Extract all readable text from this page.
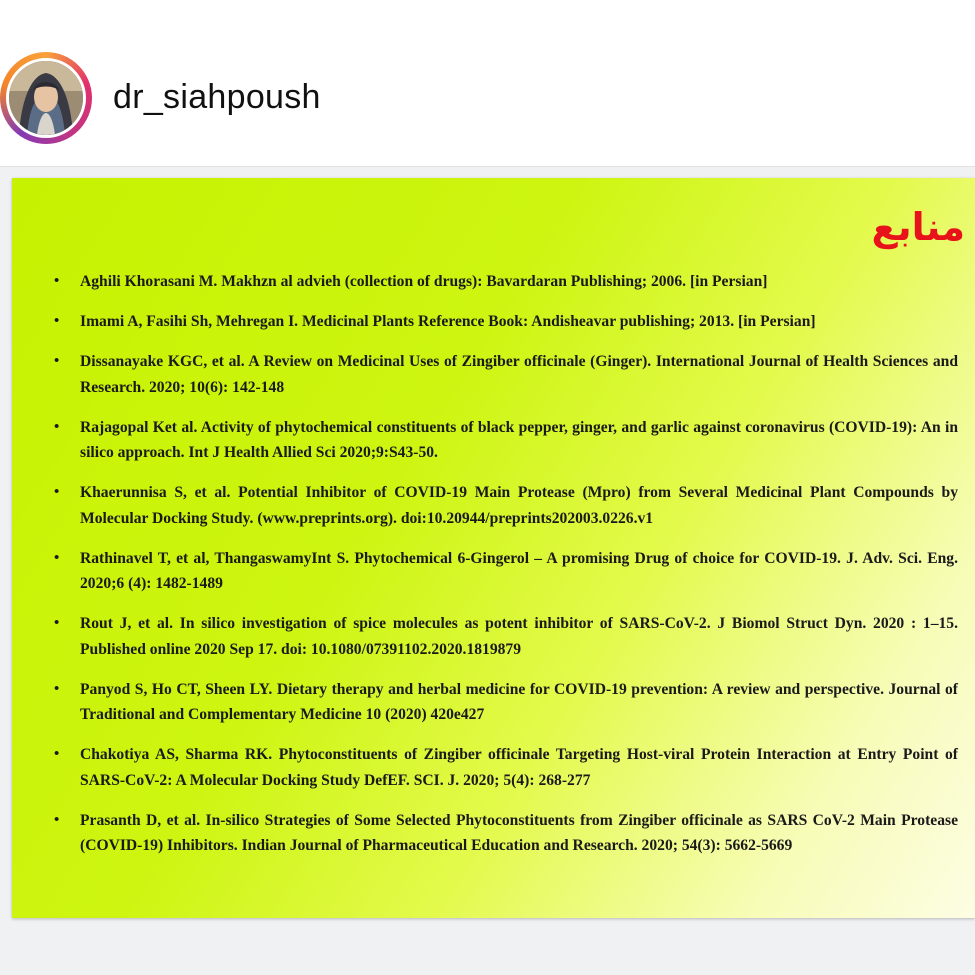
dr_siahpoush
منابع
• Aghili Khorasani M. Makhzn al advieh (collection of drugs): Bavardaran Publishing; 2006. [in Persian]
• Imami A, Fasihi Sh, Mehregan I. Medicinal Plants Reference Book: Andisheavar publishing; 2013. [in Persian]
• Dissanayake KGC, et al. A Review on Medicinal Uses of Zingiber officinale (Ginger). International Journal of Health Sciences and Research. 2020; 10(6): 142-148
• Rajagopal Ket al. Activity of phytochemical constituents of black pepper, ginger, and garlic against coronavirus (COVID-19): An in silico approach. Int J Health Allied Sci 2020;9:S43-50.
• Khaerunnisa S, et al. Potential Inhibitor of COVID-19 Main Protease (Mpro) from Several Medicinal Plant Compounds by Molecular Docking Study. (www.preprints.org). doi:10.20944/preprints202003.0226.v1
• Rathinavel T, et al, ThangaswamyInt S. Phytochemical 6-Gingerol – A promising Drug of choice for COVID-19. J. Adv. Sci. Eng. 2020;6 (4): 1482-1489
• Rout J, et al. In silico investigation of spice molecules as potent inhibitor of SARS-CoV-2. J Biomol Struct Dyn. 2020 : 1–15. Published online 2020 Sep 17. doi: 10.1080/07391102.2020.1819879
• Panyod S, Ho CT, Sheen LY. Dietary therapy and herbal medicine for COVID-19 prevention: A review and perspective. Journal of Traditional and Complementary Medicine 10 (2020) 420e427
• Chakotiya AS, Sharma RK. Phytoconstituents of Zingiber officinale Targeting Host-viral Protein Interaction at Entry Point of SARS-CoV-2: A Molecular Docking Study DefEF. SCI. J. 2020; 5(4): 268-277
• Prasanth D, et al. In-silico Strategies of Some Selected Phytoconstituents from Zingiber officinale as SARS CoV-2 Main Protease (COVID-19) Inhibitors. Indian Journal of Pharmaceutical Education and Research. 2020; 54(3): 5662-5669
